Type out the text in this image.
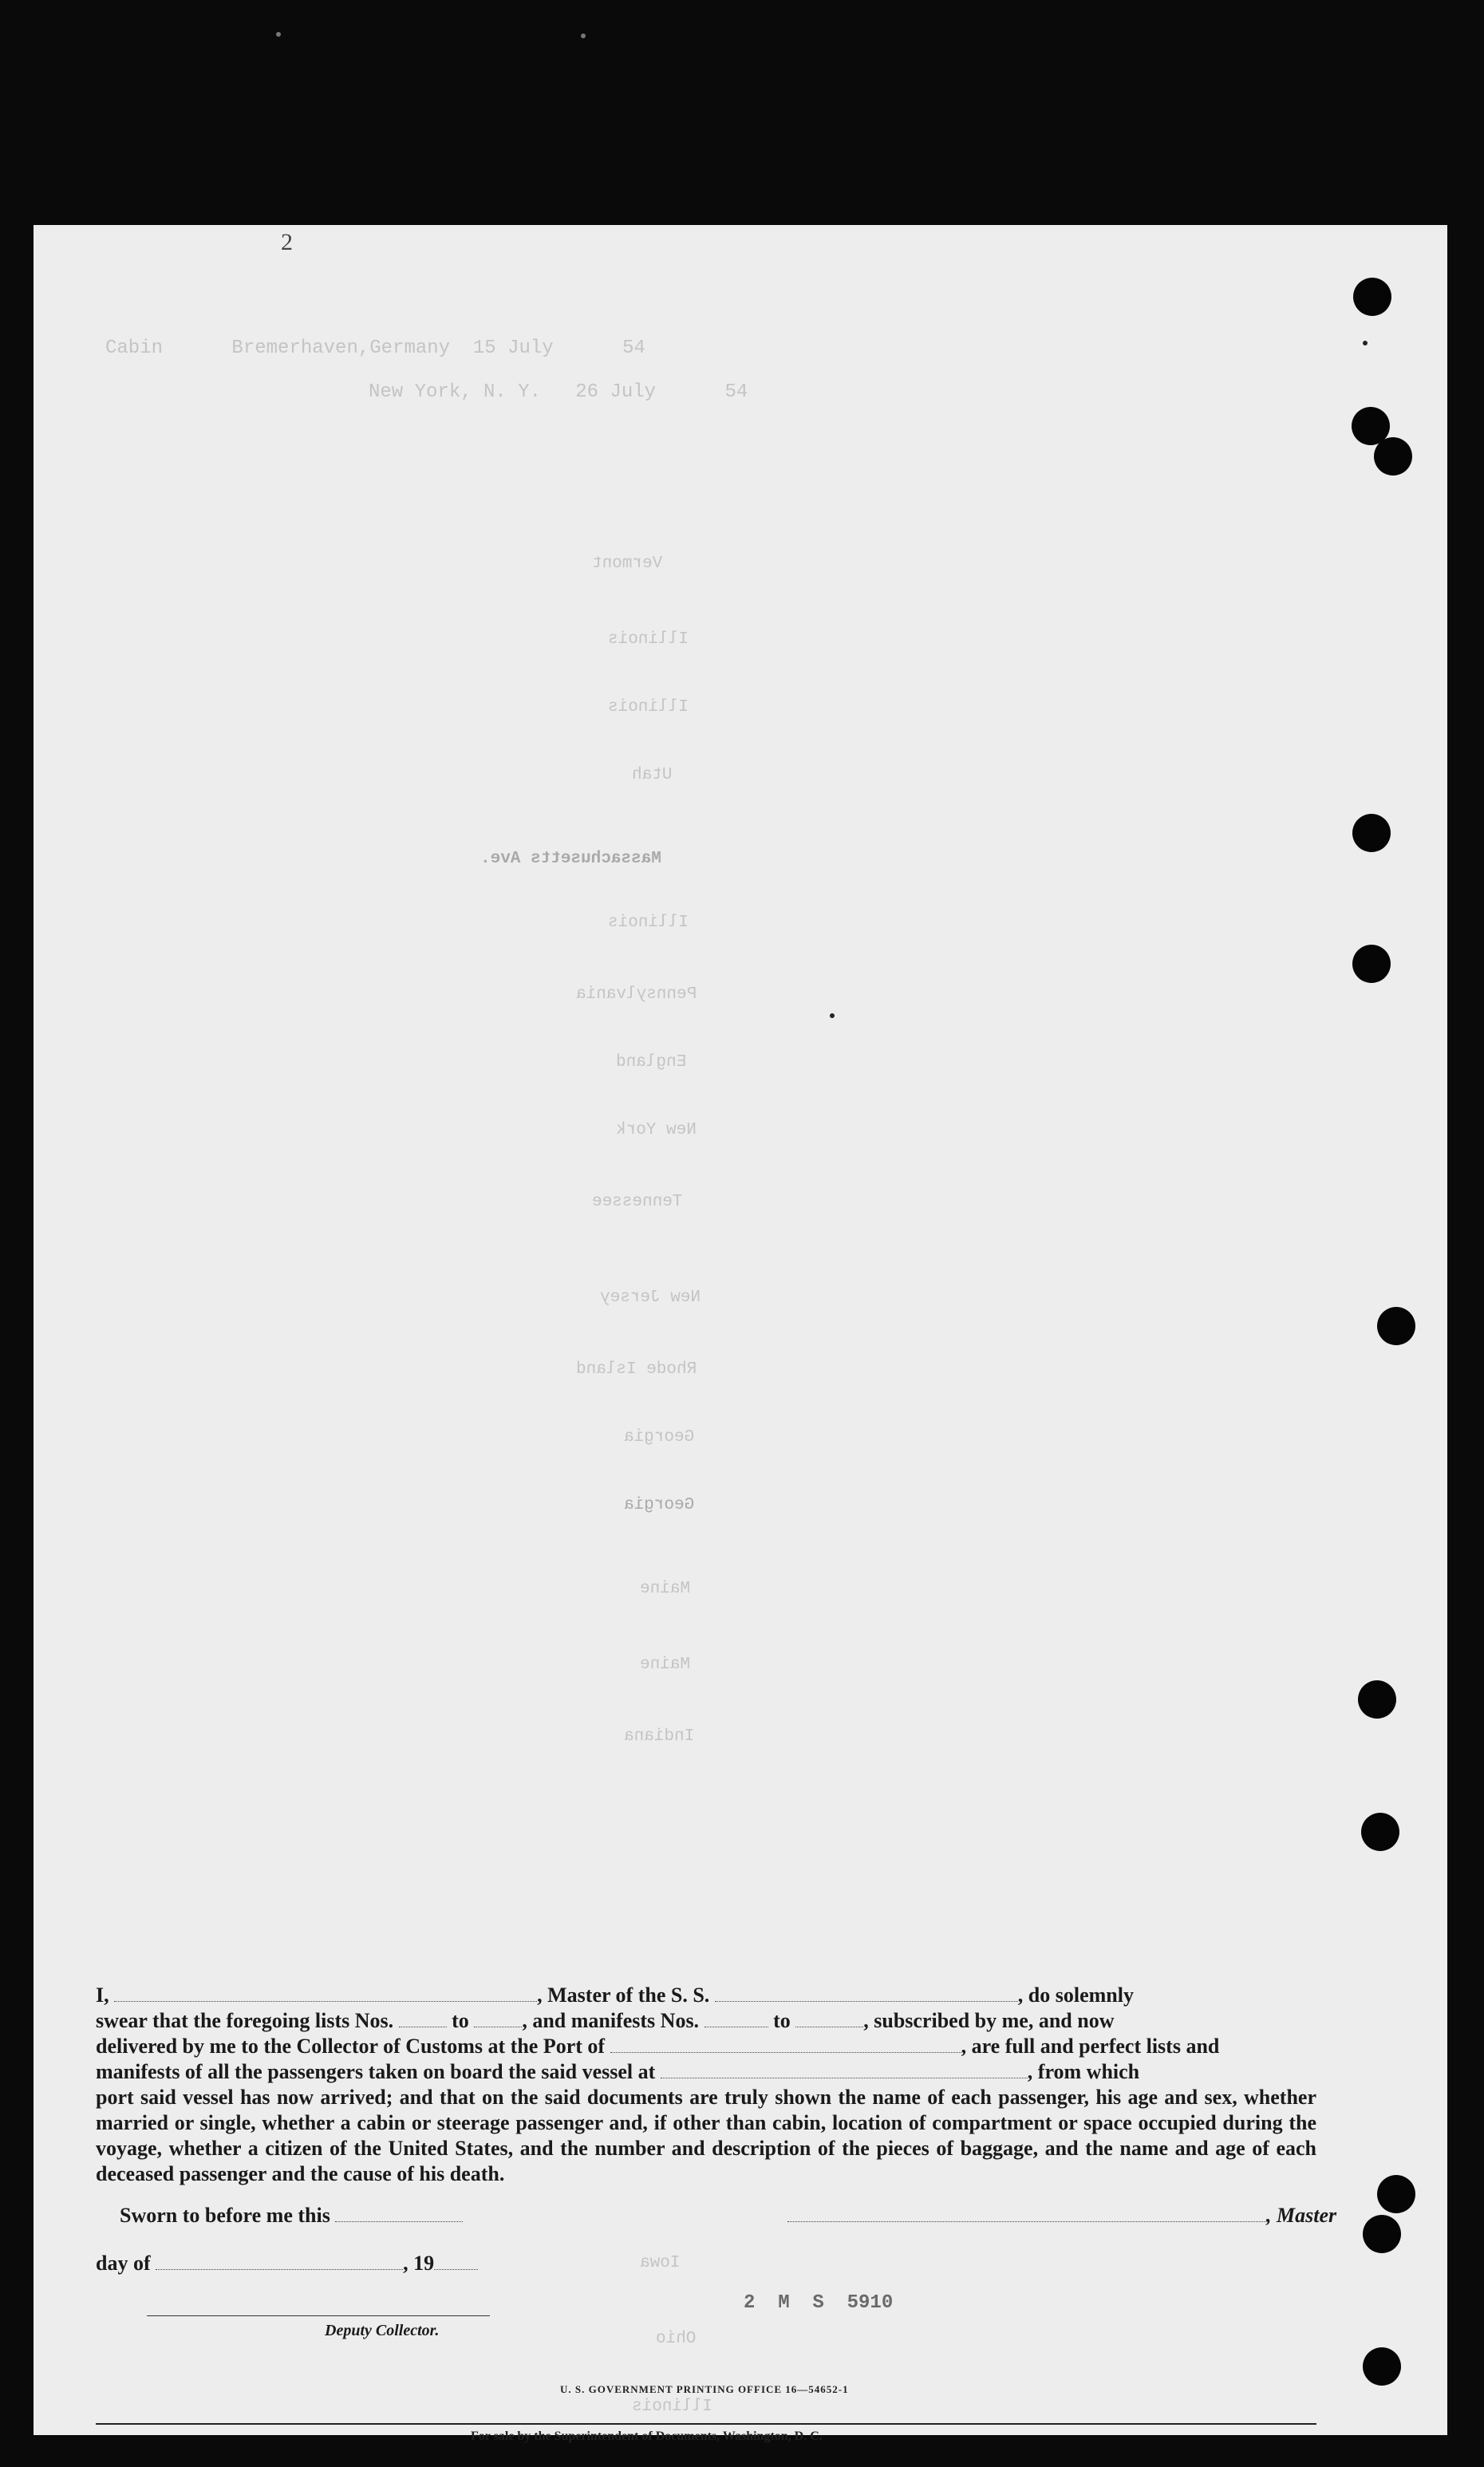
2
Cabin      Bremerhaven,Germany  15 July      54
New York, N. Y.   26 July      54
Vermont
Illinois
Illinois
Utah
Massachusetts Ave.
Illinois
Pennsylvania
England
New York
Tennessee
New Jersey
Rhode Island
Georgia
Georgia
Maine
Maine
Indiana
I,	, Master of the S. S.	, do solemnly
swear that the foregoing lists Nos.	to	, and manifests Nos.	to	, subscribed by me, and now
delivered by me to the Collector of Customs at the Port of	, are full and perfect lists and
manifests of all the passengers taken on board the said vessel at	, from which
port said vessel has now arrived; and that on the said documents are truly shown the name of each passenger, his age and sex, whether married or single, whether a cabin or steerage passenger and, if other than cabin, location of compartment or space occupied during the voyage, whether a citizen of the United States, and the number and description of the pieces of baggage, and the name and age of each deceased passenger and the cause of his death.
Sworn to before me this	, Master
day of	, 19
Deputy Collector.
Iowa
2  M  S  5910
Ohio
Illinois
U. S. GOVERNMENT PRINTING OFFICE 16—54652-1
For sale by the Superintendent of Documents, Washington, D. C.
